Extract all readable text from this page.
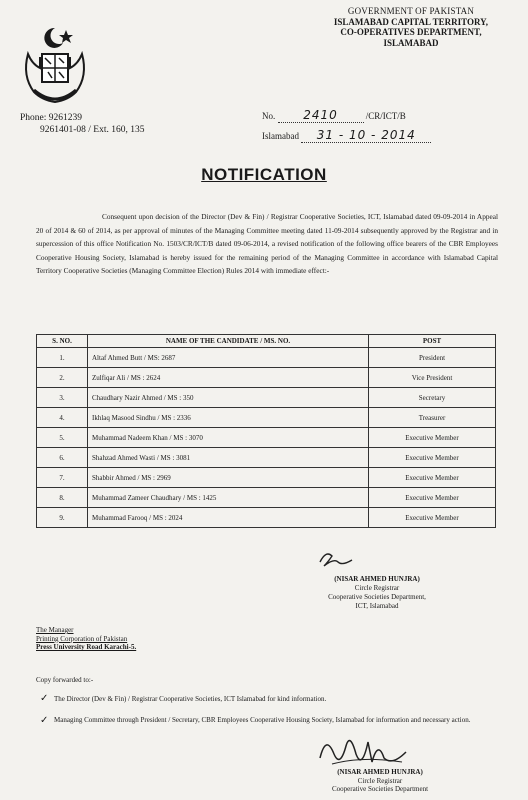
Phone: 9261239
9261401-08 / Ext. 160, 135
GOVERNMENT OF PAKISTAN
ISLAMABAD CAPITAL TERRITORY,
CO-OPERATIVES DEPARTMENT,
ISLAMABAD
No. 2410	/CR/ICT/B
Islamabad 31 - 10 - 2014
NOTIFICATION
Consequent upon decision of the Director (Dev & Fin) / Registrar Cooperative Societies, ICT, Islamabad dated 09-09-2014 in Appeal 20 of 2014 & 60 of 2014, as per approval of minutes of the Managing Committee meeting dated 11-09-2014 subsequently approved by the Registrar and in supercession of this office Notification No. 1503/CR/ICT/B dated 09-06-2014, a revised notification of the following office bearers of the CBR Employees Cooperative Housing Society, Islamabad is hereby issued for the remaining period of the Managing Committee in accordance with Islamabad Capital Territory Cooperative Societies (Managing Committee Election) Rules 2014 with immediate effect:-
S. NO.	NAME OF THE CANDIDATE / MS. NO.	POST
1.	Altaf Ahmed Butt / MS: 2687	President
2.	Zulfiqar Ali / MS : 2624	Vice President
3.	Chaudhary Nazir Ahmed / MS : 350	Secretary
4.	Ikhlaq Masood Sindhu / MS : 2336	Treasurer
5.	Muhammad Nadeem Khan / MS : 3070	Executive Member
6.	Shahzad Ahmed Wasti / MS : 3081	Executive Member
7.	Shabbir Ahmed / MS : 2969	Executive Member
8.	Muhammad Zameer Chaudhary / MS : 1425	Executive Member
9.	Muhammad Farooq / MS : 2024	Executive Member
(NISAR AHMED HUNJRA)
Circle Registrar
Cooperative Societies Department,
ICT, Islamabad
The Manager
Printing Corporation of Pakistan
Press University Road Karachi-5.
Copy forwarded to:-
✓ The Director (Dev & Fin) / Registrar Cooperative Societies, ICT Islamabad for kind information.
✓ Managing Committee through President / Secretary, CBR Employees Cooperative Housing Society, Islamabad for information and necessary action.
(NISAR AHMED HUNJRA)
Circle Registrar
Cooperative Societies Department
